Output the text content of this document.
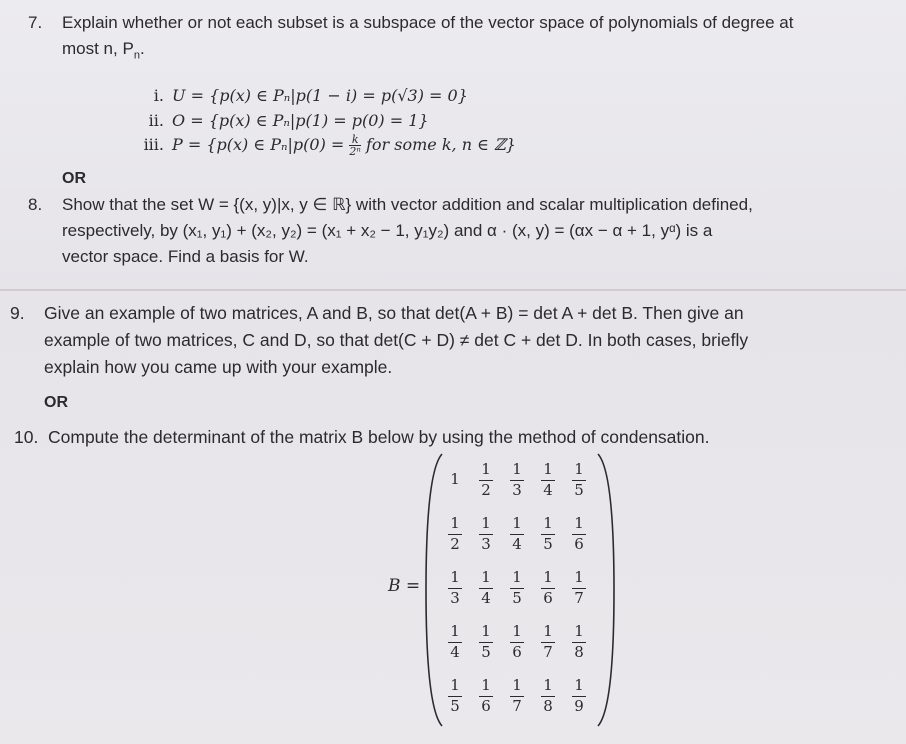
7. Explain whether or not each subset is a subspace of the vector space of polynomials of degree at
most n, $P_n$.
i. U = {p(x) ∈ Pₙ|p(1 − i) = p(√3) = 0}
ii. O = {p(x) ∈ Pₙ|p(1) = p(0) = 1}
iii. P = {p(x) ∈ $P_n|p(0) = \frac{k}{\text{2ⁿ}}$ for some k, n ∈ ℤ}
OR
8. Show that the set W = {(x, y)|x, y ∈ ℝ} with vector addition and scalar multiplication defined,
respectively, by (x₁, y₁) + (x₂, y₂) = (x₁ + x₂ − 1, y₁y₂) and α · (x, y) = (αx − α + 1, yᵅ) is a
vector space. Find a basis for W.
9. Give an example of two matrices, A and B, so that det(A + B) = det A + det B. Then give an
example of two matrices, C and D, so that det(C + D) ≠ det C + det D. In both cases, briefly
explain how you came up with your example.
OR
10. Compute the determinant of the matrix B below by using the method of condensation.
B =
1
1
2
1
3
1
4
1
5
1
2
1
3
1
4
1
5
1
6
1
3
1
4
1
5
1
6
1
7
1
4
1
5
1
6
1
7
1
8
1
5
1
6
1
7
1
8
1
9
